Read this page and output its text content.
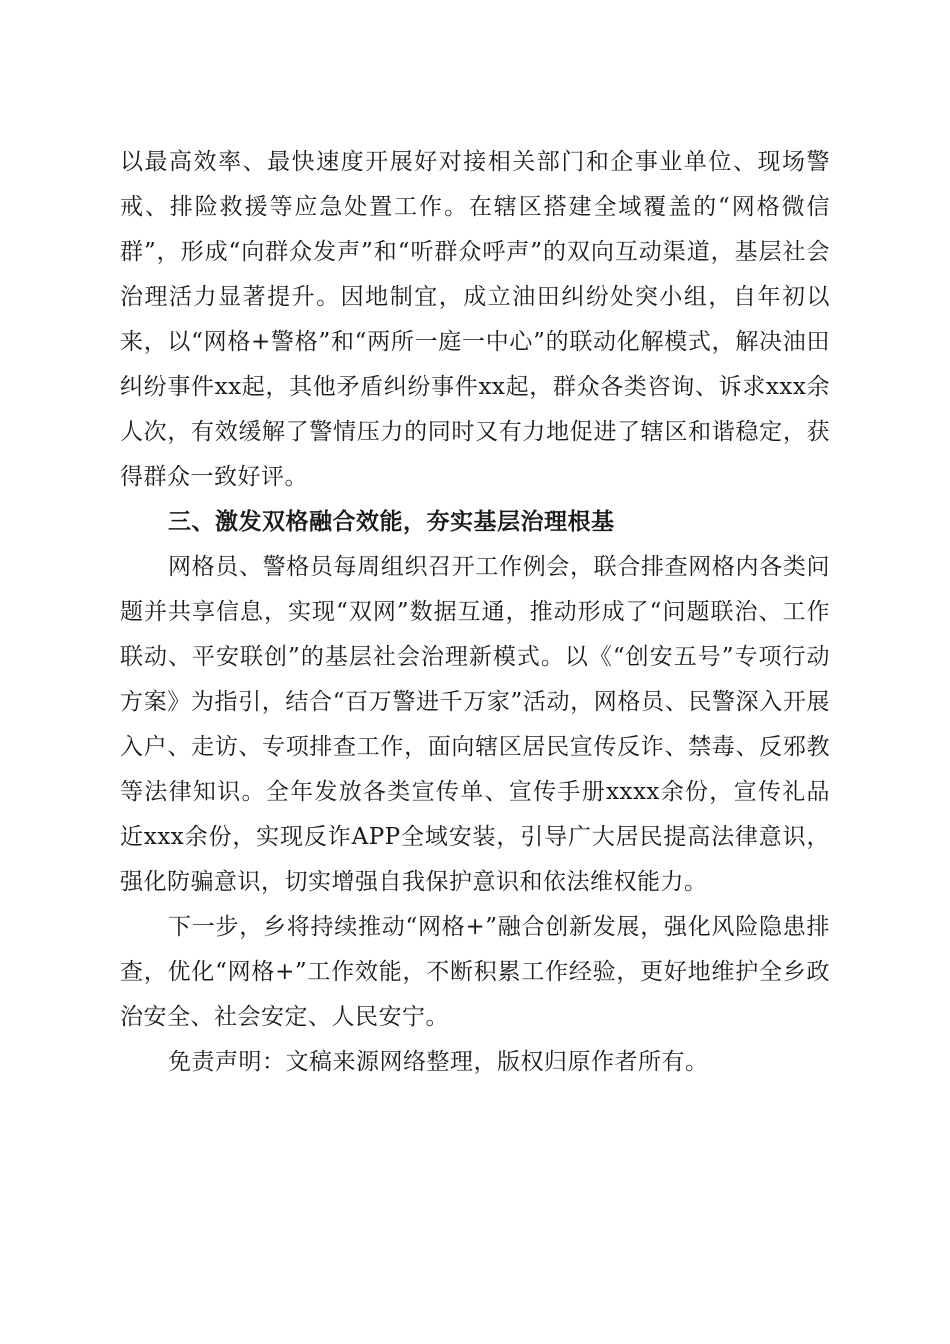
以最高效率、最快速度开展好对接相关部门和企事业单位、现场警戒、排险救援等应急处置工作。在辖区搭建全域覆盖的“网格微信群”，形成“向群众发声”和“听群众呼声”的双向互动渠道，基层社会治理活力显著提升。因地制宜，成立油田纠纷处突小组，自年初以来，以“网格+警格”和“两所一庭一中心”的联动化解模式，解决油田纠纷事件xx起，其他矛盾纠纷事件xx起，群众各类咨询、诉求xxx余人次，有效缓解了警情压力的同时又有力地促进了辖区和谐稳定，获得群众一致好评。

三、激发双格融合效能，夯实基层治理根基

网格员、警格员每周组织召开工作例会，联合排查网格内各类问题并共享信息，实现“双网”数据互通，推动形成了“问题联治、工作联动、平安联创”的基层社会治理新模式。以《“创安五号”专项行动方案》为指引，结合“百万警进千万家”活动，网格员、民警深入开展入户、走访、专项排查工作，面向辖区居民宣传反诈、禁毒、反邪教等法律知识。全年发放各类宣传单、宣传手册xxxx余份，宣传礼品近xxx余份，实现反诈APP全域安装，引导广大居民提高法律意识，强化防骗意识，切实增强自我保护意识和依法维权能力。

下一步，乡将持续推动“网格+”融合创新发展，强化风险隐患排查，优化“网格+”工作效能，不断积累工作经验，更好地维护全乡政治安全、社会安定、人民安宁。

免责声明：文稿来源网络整理，版权归原作者所有。
